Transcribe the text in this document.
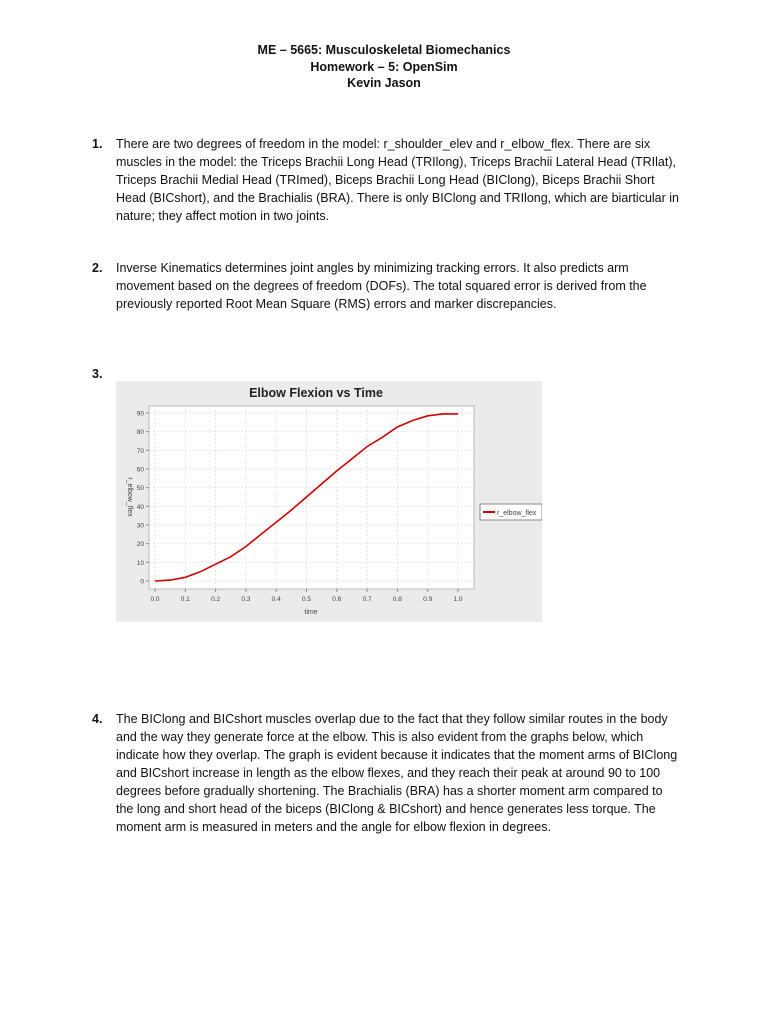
ME – 5665: Musculoskeletal Biomechanics
Homework – 5: OpenSim
Kevin Jason
1. There are two degrees of freedom in the model: r_shoulder_elev and r_elbow_flex. There are six muscles in the model: the Triceps Brachii Long Head (TRIlong), Triceps Brachii Lateral Head (TRIlat), Triceps Brachii Medial Head (TRImed), Biceps Brachii Long Head (BIClong), Biceps Brachii Short Head (BICshort), and the Brachialis (BRA). There is only BIClong and TRIlong, which are biarticular in nature; they affect motion in two joints.
2. Inverse Kinematics determines joint angles by minimizing tracking errors. It also predicts arm movement based on the degrees of freedom (DOFs). The total squared error is derived from the previously reported Root Mean Square (RMS) errors and marker discrepancies.
3.
Elbow Flexion vs Time
0
10
20
30
40
50
60
70
80
90
0.0	0.1	0.2	0.3	0.4	0.5	0.6	0.7	0.8	0.9	1.0
time
r_elbow_flex	r_elbow_flex
4. The BIClong and BICshort muscles overlap due to the fact that they follow similar routes in the body and the way they generate force at the elbow. This is also evident from the graphs below, which indicate how they overlap. The graph is evident because it indicates that the moment arms of BIClong and BICshort increase in length as the elbow flexes, and they reach their peak at around 90 to 100 degrees before gradually shortening. The Brachialis (BRA) has a shorter moment arm compared to the long and short head of the biceps (BIClong & BICshort) and hence generates less torque. The moment arm is measured in meters and the angle for elbow flexion in degrees.
